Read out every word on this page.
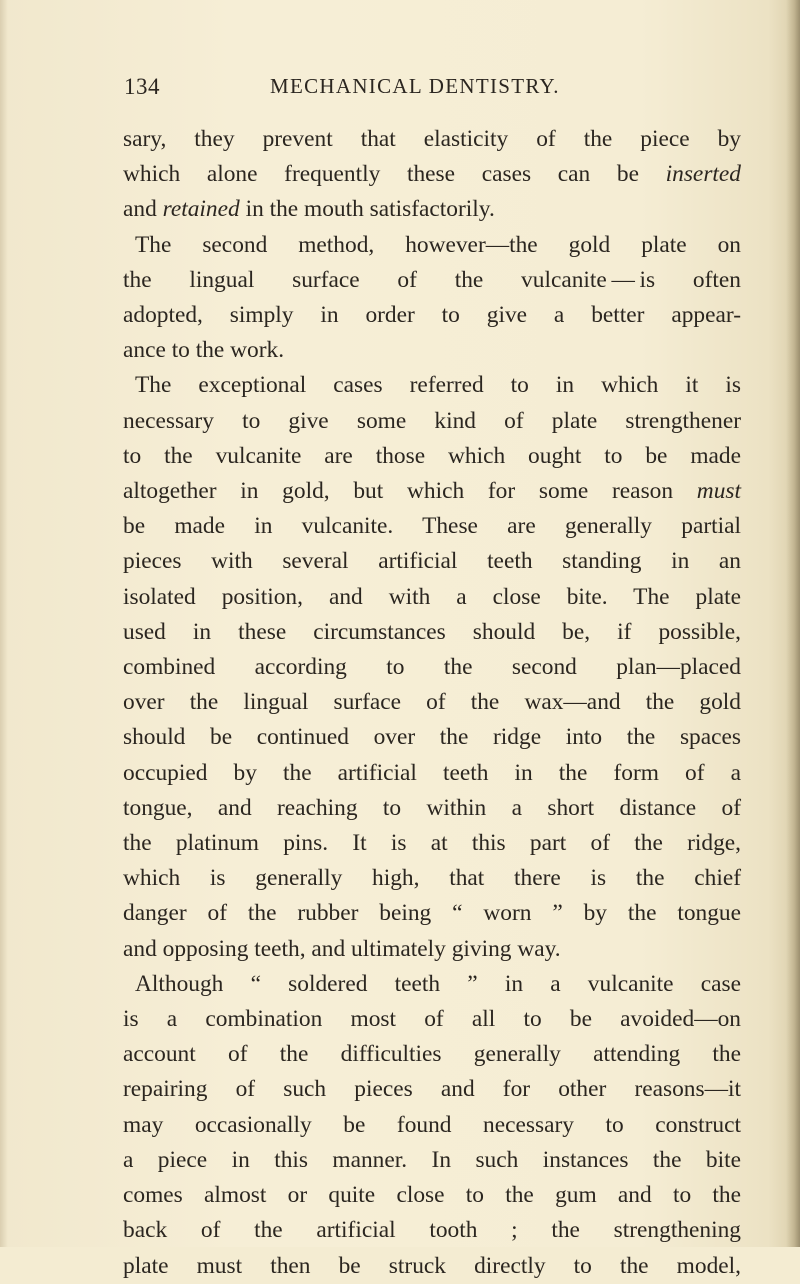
134	MECHANICAL DENTISTRY.
sary, they prevent that elasticity of the piece by
which alone frequently these cases can be inserted
and retained in the mouth satisfactorily.
The second method, however—the gold plate on
the lingual surface of the vulcanite — is often
adopted, simply in order to give a better appear-
ance to the work.
The exceptional cases referred to in which it is
necessary to give some kind of plate strengthener
to the vulcanite are those which ought to be made
altogether in gold, but which for some reason must
be made in vulcanite. These are generally partial
pieces with several artificial teeth standing in an
isolated position, and with a close bite. The plate
used in these circumstances should be, if possible,
combined according to the second plan—placed
over the lingual surface of the wax—and the gold
should be continued over the ridge into the spaces
occupied by the artificial teeth in the form of a
tongue, and reaching to within a short distance of
the platinum pins. It is at this part of the ridge,
which is generally high, that there is the chief
danger of the rubber being “ worn ” by the tongue
and opposing teeth, and ultimately giving way.
Although “ soldered teeth ” in a vulcanite case
is a combination most of all to be avoided—on
account of the difficulties generally attending the
repairing of such pieces and for other reasons—it
may occasionally be found necessary to construct
a piece in this manner. In such instances the bite
comes almost or quite close to the gum and to the
back of the artificial tooth ; the strengthening
plate must then be struck directly to the model,
